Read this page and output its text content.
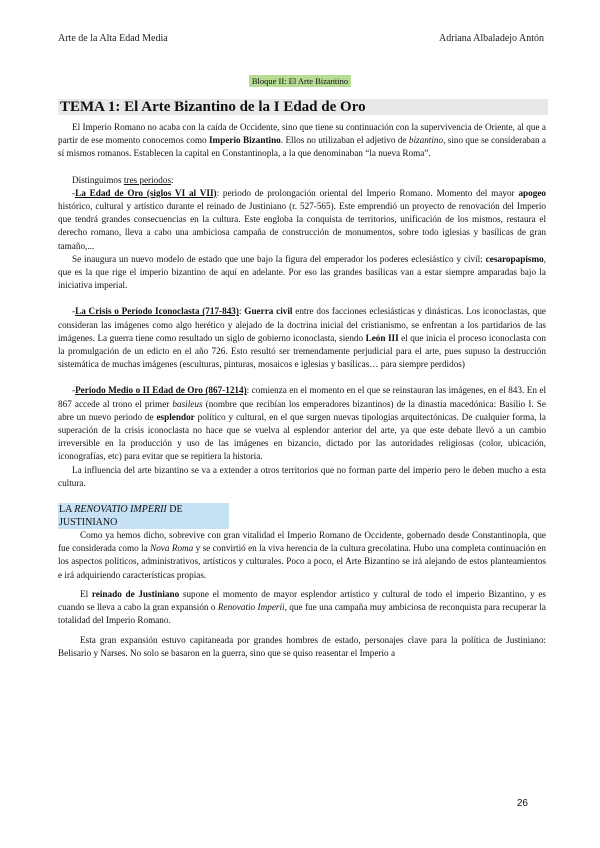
Arte de la Alta Edad Media	Adriana Albaladejo Antón
Bloque II: El Arte Bizantino
TEMA 1: El Arte Bizantino de la I Edad de Oro

El Imperio Romano no acaba con la caída de Occidente, sino que tiene su continuación con la supervivencia de Oriente, al que a partir de ese momento conocemos como Imperio Bizantino. Ellos no utilizaban el adjetivo de bizantino, sino que se consideraban a sí mismos romanos. Establecen la capital en Constantinopla, a la que denominaban “la nueva Roma”.

Distinguimos tres periodos:

-La Edad de Oro (siglos VI al VII): periodo de prolongación oriental del Imperio Romano. Momento del mayor apogeo histórico, cultural y artístico durante el reinado de Justiniano (r. 527-565). Este emprendió un proyecto de renovación del Imperio que tendrá grandes consecuencias en la cultura. Este engloba la conquista de territorios, unificación de los mismos, restaura el derecho romano, lleva a cabo una ambiciosa campaña de construcción de monumentos, sobre todo iglesias y basílicas de gran tamaño,...

Se inaugura un nuevo modelo de estado que une bajo la figura del emperador los poderes eclesiástico y civil: cesaropapismo, que es la que rige el imperio bizantino de aquí en adelante. Por eso las grandes basílicas van a estar siempre amparadas bajo la iniciativa imperial.

-La Crisis o Período Iconoclasta (717-843): Guerra civil entre dos facciones eclesiásticas y dinásticas. Los iconoclastas, que consideran las imágenes como algo herético y alejado de la doctrina inicial del cristianismo, se enfrentan a los partidarios de las imágenes. La guerra tiene como resultado un siglo de gobierno iconoclasta, siendo León III el que inicia el proceso iconoclasta con la promulgación de un edicto en el año 726. Esto resultó ser tremendamente perjudicial para el arte, pues supuso la destrucción sistemática de muchas imágenes (esculturas, pinturas, mosaicos e iglesias y basílicas… para siempre perdidos)

-Periodo Medio o II Edad de Oro (867-1214): comienza en el momento en el que se reinstauran las imágenes, en el 843. En el 867 accede al trono el primer basileus (nombre que recibían los emperadores bizantinos) de la dinastía macedónica: Basilio I. Se abre un nuevo periodo de esplendor político y cultural, en el que surgen nuevas tipologías arquitectónicas. De cualquier forma, la superación de la crisis iconoclasta no hace que se vuelva al esplendor anterior del arte, ya que este debate llevó a un cambio irreversible en la producción y uso de las imágenes en bizancio, dictado por las autoridades religiosas (color, ubicación, iconografías, etc) para evitar que se repitiera la historia.

La influencia del arte bizantino se va a extender a otros territorios que no forman parte del imperio pero le deben mucho a esta cultura.

LA RENOVATIO IMPERII DE JUSTINIANO

Como ya hemos dicho, sobrevive con gran vitalidad el Imperio Romano de Occidente, gobernado desde Constantinopla, que fue considerada como la Nova Roma y se convirtió en la viva herencia de la cultura grecolatina. Hubo una completa continuación en los aspectos políticos, administrativos, artísticos y culturales. Poco a poco, el Arte Bizantino se irá alejando de estos planteamientos e irá adquiriendo características propias.

El reinado de Justiniano supone el momento de mayor esplendor artístico y cultural de todo el imperio Bizantino, y es cuando se lleva a cabo la gran expansión o Renovatio Imperii, que fue una campaña muy ambiciosa de reconquista para recuperar la totalidad del Imperio Romano.

Esta gran expansión estuvo capitaneada por grandes hombres de estado, personajes clave para la política de Justiniano: Belisario y Narses. No solo se basaron en la guerra, sino que se quiso reasentar el Imperio a

26
